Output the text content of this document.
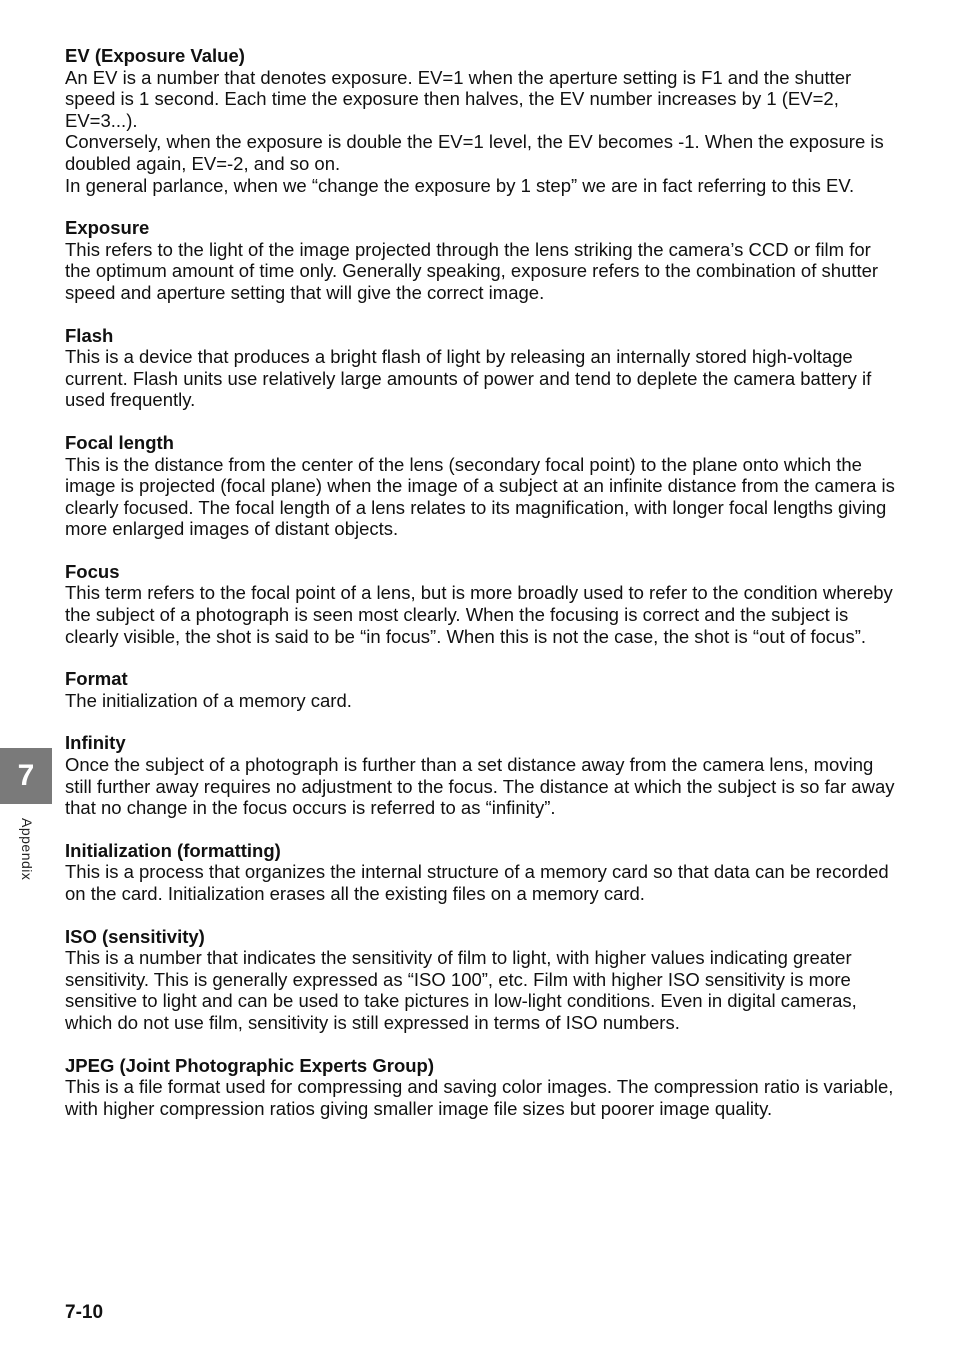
EV (Exposure Value)

An EV is a number that denotes exposure. EV=1 when the aperture setting is F1 and the shutter speed is 1 second. Each time the exposure then halves, the EV number increases by 1 (EV=2, EV=3...).

Conversely, when the exposure is double the EV=1 level, the EV becomes -1. When the exposure is doubled again, EV=-2, and so on.

In general parlance, when we “change the exposure by 1 step” we are in fact referring to this EV.

Exposure

This refers to the light of the image projected through the lens striking the camera’s CCD or film for the optimum amount of time only. Generally speaking, exposure refers to the combination of shutter speed and aperture setting that will give the correct image.

Flash

This is a device that produces a bright flash of light by releasing an internally stored high-voltage current. Flash units use relatively large amounts of power and tend to deplete the camera battery if used frequently.

Focal length

This is the distance from the center of the lens (secondary focal point) to the plane onto which the image is projected (focal plane) when the image of a subject at an infinite distance from the camera is clearly focused. The focal length of a lens relates to its magnification, with longer focal lengths giving more enlarged images of distant objects.

Focus

This term refers to the focal point of a lens, but is more broadly used to refer to the condition whereby the subject of a photograph is seen most clearly. When the focusing is correct and the subject is clearly visible, the shot is said to be “in focus”. When this is not the case, the shot is “out of focus”.

Format

The initialization of a memory card.

Infinity

Once the subject of a photograph is further than a set distance away from the camera lens, moving still further away requires no adjustment to the focus. The distance at which the subject is so far away that no change in the focus occurs is referred to as “infinity”.

Initialization (formatting)

This is a process that organizes the internal structure of a memory card so that data can be recorded on the card. Initialization erases all the existing files on a memory card.

ISO (sensitivity)

This is a number that indicates the sensitivity of film to light, with higher values indicating greater sensitivity. This is generally expressed as “ISO 100”, etc. Film with higher ISO sensitivity is more sensitive to light and can be used to take pictures in low-light conditions. Even in digital cameras, which do not use film, sensitivity is still expressed in terms of ISO numbers.

JPEG (Joint Photographic Experts Group)

This is a file format used for compressing and saving color images. The compression ratio is variable, with higher compression ratios giving smaller image file sizes but poorer image quality.

7
Appendix
7-10
